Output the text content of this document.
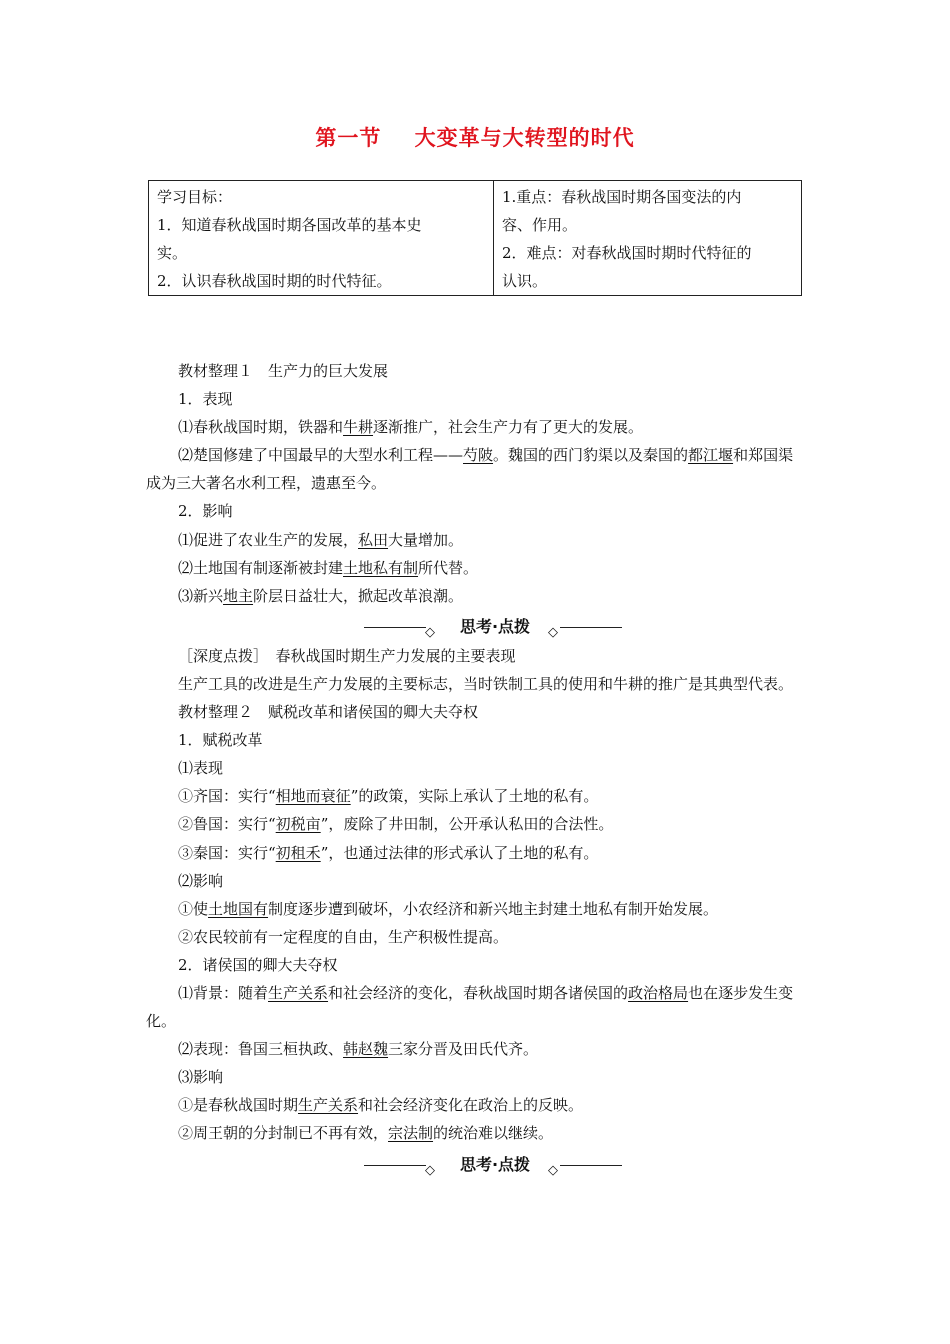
第一节 大变革与大转型的时代
学习目标：
1．知道春秋战国时期各国改革的基本史
实。
2．认识春秋战国时期的时代特征。

1.重点：春秋战国时期各国变法的内
容、作用。
2．难点：对春秋战国时期时代特征的
认识。

教材整理１　生产力的巨大发展

1．表现

⑴春秋战国时期，铁器和牛耕逐渐推广，社会生产力有了更大的发展。

⑵楚国修建了中国最早的大型水利工程——芍陂。魏国的西门豹渠以及秦国的都江堰和郑国渠成为三大著名水利工程，遗惠至今。

2．影响

⑴促进了农业生产的发展，私田大量增加。

⑵土地国有制逐渐被封建土地私有制所代替。

⑶新兴地主阶层日益壮大，掀起改革浪潮。

◇	思考·点拨	◇

［深度点拨］　春秋战国时期生产力发展的主要表现

生产工具的改进是生产力发展的主要标志，当时铁制工具的使用和牛耕的推广是其典型代表。

教材整理２　赋税改革和诸侯国的卿大夫夺权

1．赋税改革

⑴表现

①齐国：实行“相地而衰征”的政策，实际上承认了土地的私有。

②鲁国：实行“初税亩”，废除了井田制，公开承认私田的合法性。

③秦国：实行“初租禾”，也通过法律的形式承认了土地的私有。

⑵影响

①使土地国有制度逐步遭到破坏，小农经济和新兴地主封建土地私有制开始发展。

②农民较前有一定程度的自由，生产积极性提高。

2．诸侯国的卿大夫夺权

⑴背景：随着生产关系和社会经济的变化，春秋战国时期各诸侯国的政治格局也在逐步发生变化。

⑵表现：鲁国三桓执政、韩赵魏三家分晋及田氏代齐。

⑶影响

①是春秋战国时期生产关系和社会经济变化在政治上的反映。

②周王朝的分封制已不再有效，宗法制的统治难以继续。

◇	思考·点拨	◇
